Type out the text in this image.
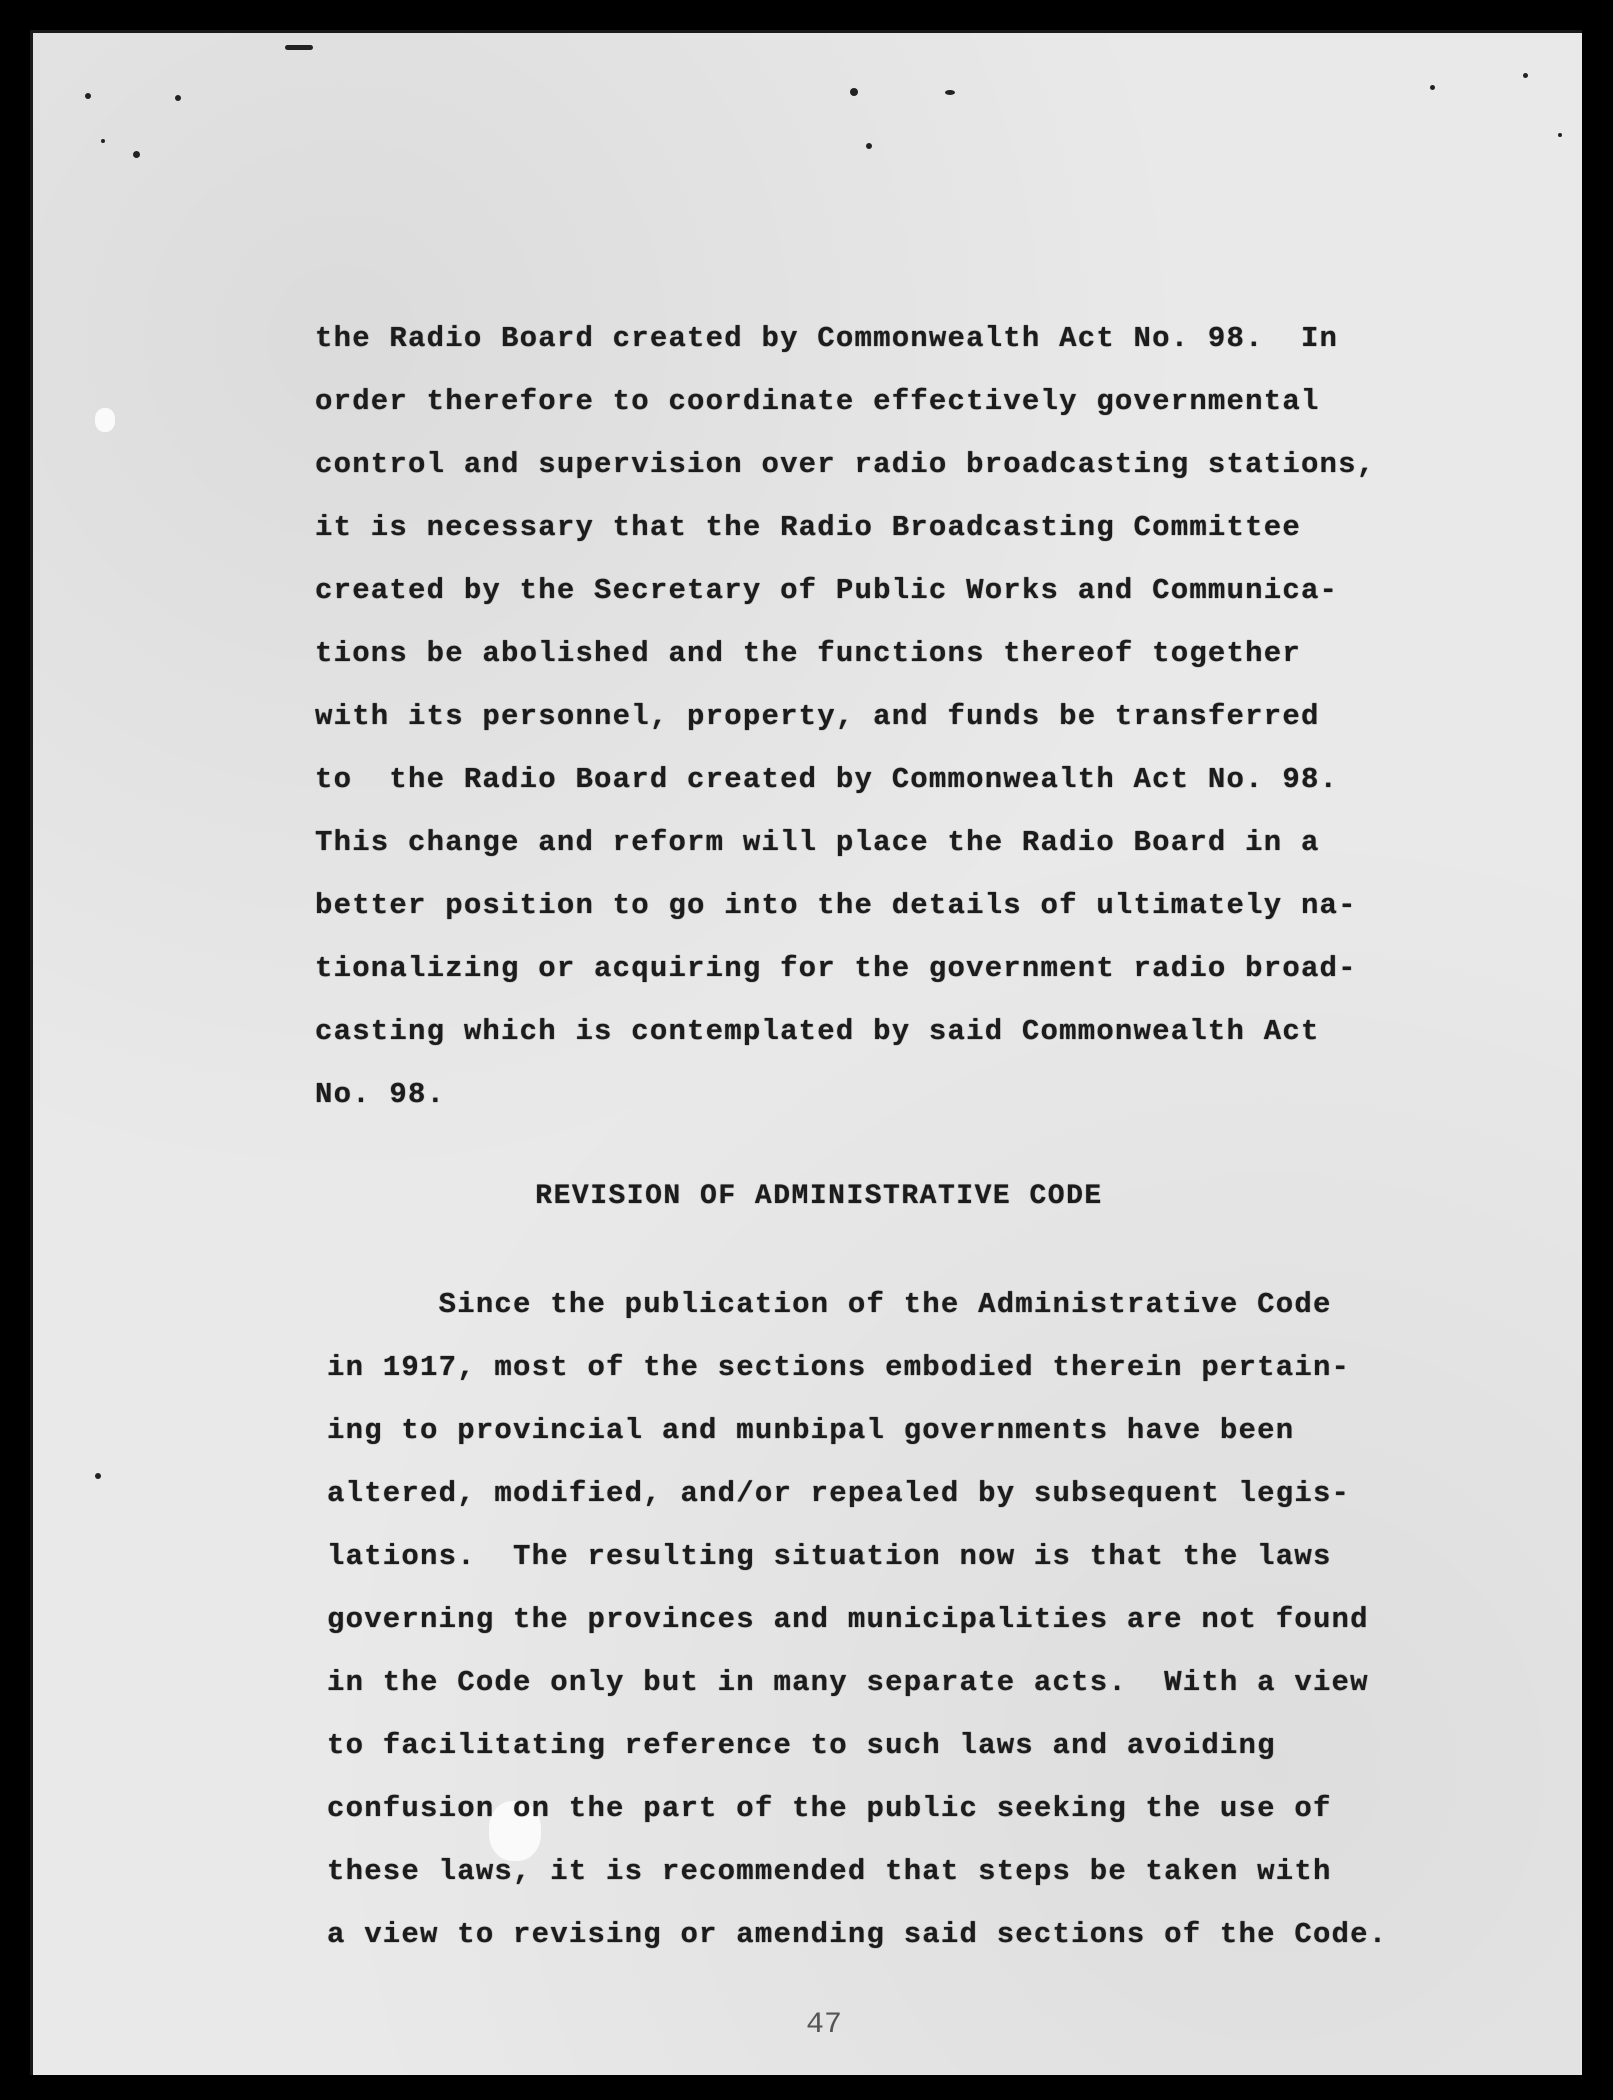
the Radio Board created by Commonwealth Act No. 98.  In
order therefore to coordinate effectively governmental
control and supervision over radio broadcasting stations,
it is necessary that the Radio Broadcasting Committee
created by the Secretary of Public Works and Communica-
tions be abolished and the functions thereof together
with its personnel, property, and funds be transferred
to  the Radio Board created by Commonwealth Act No. 98.
This change and reform will place the Radio Board in a
better position to go into the details of ultimately na-
tionalizing or acquiring for the government radio broad-
casting which is contemplated by said Commonwealth Act
No. 98.
REVISION OF ADMINISTRATIVE CODE
Since the publication of the Administrative Code
in 1917, most of the sections embodied therein pertain-
ing to provincial and munbipal governments have been
altered, modified, and/or repealed by subsequent legis-
lations.  The resulting situation now is that the laws
governing the provinces and municipalities are not found
in the Code only but in many separate acts.  With a view
to facilitating reference to such laws and avoiding
confusion on the part of the public seeking the use of
these laws, it is recommended that steps be taken with
a view to revising or amending said sections of the Code.
47
